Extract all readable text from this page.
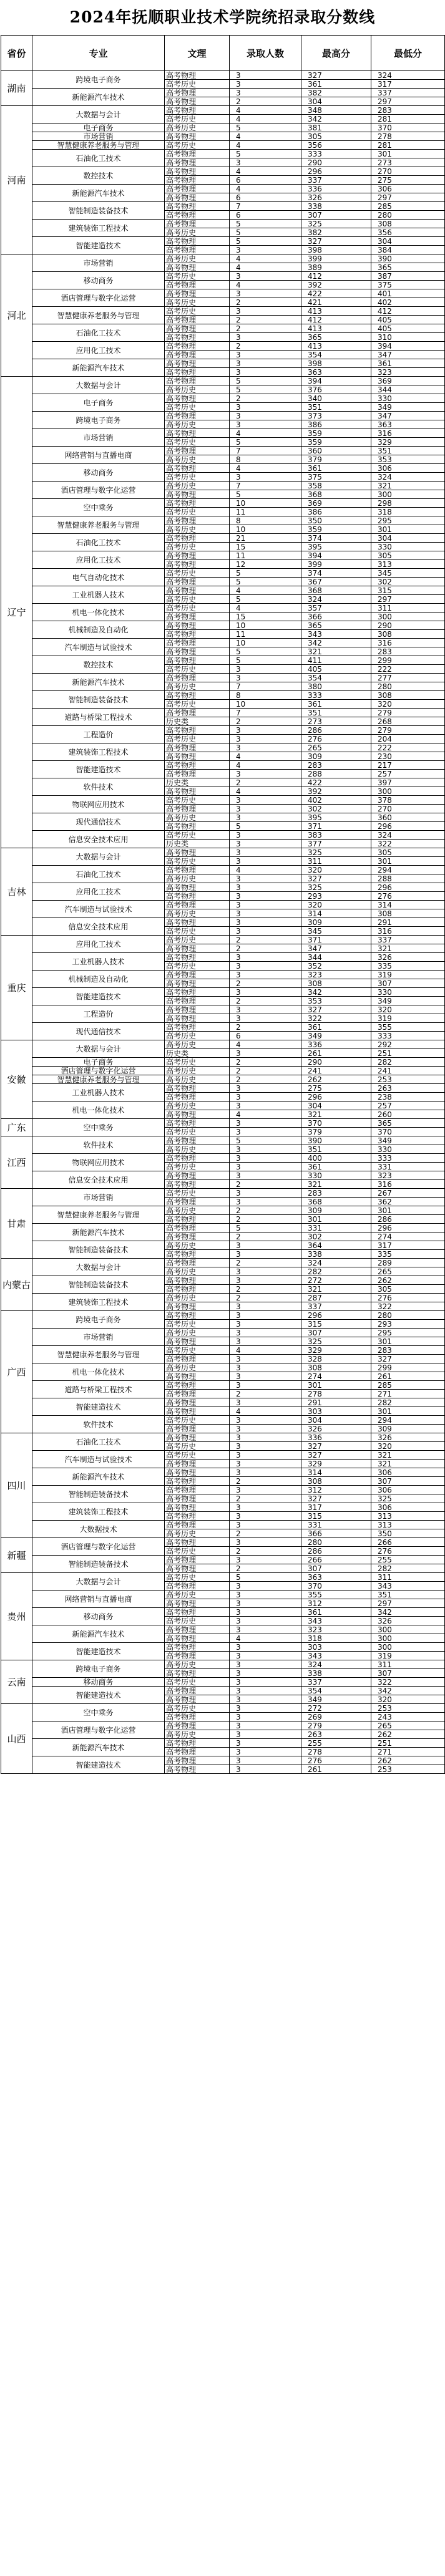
2024年抚顺职业技术学院统招录取分数线
省份	专业	文理	录取人数	最高分	最低分
湖南	跨境电子商务	高考物理	3	327	324
		高考历史	3	361	317
	新能源汽车技术	高考物理	3	382	337
		高考物理	2	304	297
河南	大数据与会计	高考物理	4	348	283
		高考历史	4	342	281
	电子商务	高考历史	5	381	370
	市场营销	高考物理	4	305	278
	智慧健康养老服务与管理	高考历史	4	356	281
	石油化工技术	高考物理	5	333	301
		高考物理	3	290	273
	数控技术	高考物理	4	296	270
		高考物理	6	337	275
	新能源汽车技术	高考物理	4	336	306
		高考物理	6	326	297
	智能制造装备技术	高考物理	7	338	285
		高考物理	6	307	280
	建筑装饰工程技术	高考物理	5	325	308
		高考历史	5	382	356
	智能建造技术	高考物理	5	327	304
		高考物理	3	398	384
河北	市场营销	高考历史	4	399	390
		高考物理	4	389	365
	移动商务	高考历史	3	412	387
		高考物理	4	392	375
	酒店管理与数字化运营	高考物理	3	422	401
		高考历史	2	421	402
	智慧健康养老服务与管理	高考历史	3	413	412
		高考物理	2	412	405
	石油化工技术	高考物理	2	413	405
		高考物理	3	365	310
	应用化工技术	高考物理	2	413	394
		高考物理	3	354	347
	新能源汽车技术	高考物理	3	398	361
		高考物理	3	363	323
辽宁	大数据与会计	高考物理	5	394	369
		高考历史	5	376	344
	电子商务	高考物理	2	340	330
		高考历史	3	351	349
	跨境电子商务	高考物理	3	373	347
		高考历史	3	386	363
	市场营销	高考物理	4	359	316
		高考历史	5	359	329
	网络营销与直播电商	高考物理	7	360	351
		高考历史	8	379	353
	移动商务	高考物理	4	361	306
		高考历史	3	375	324
	酒店管理与数字化运营	高考历史	7	358	321
		高考物理	5	368	300
	空中乘务	高考物理	10	369	298
		高考历史	11	386	318
	智慧健康养老服务与管理	高考物理	8	350	295
		高考历史	10	359	301
	石油化工技术	高考物理	21	374	304
		高考历史	15	395	330
	应用化工技术	高考物理	11	394	305
		高考物理	12	399	313
	电气自动化技术	高考历史	5	374	345
		高考物理	5	367	302
	工业机器人技术	高考物理	4	368	315
		高考历史	5	324	297
	机电一体化技术	高考历史	4	357	311
		高考物理	15	366	300
	机械制造及自动化	高考物理	10	365	290
		高考物理	11	343	308
	汽车制造与试验技术	高考物理	10	342	316
		高考物理	5	321	283
	数控技术	高考物理	5	411	299
		高考历史	3	405	222
	新能源汽车技术	高考物理	3	354	277
		高考历史	7	380	280
	智能制造装备技术	高考物理	8	333	308
		高考历史	10	361	320
	道路与桥梁工程技术	高考物理	7	351	279
		历史类	2	273	268
	工程造价	高考物理	3	286	279
		高考历史	3	276	204
	建筑装饰工程技术	高考物理	3	265	222
		高考物理	4	309	230
	智能建造技术	高考物理	4	283	217
		高考物理	3	288	257
	软件技术	历史类	2	422	397
		高考物理	4	392	300
	物联网应用技术	高考历史	3	402	378
		高考物理	3	302	270
	现代通信技术	高考历史	3	395	360
		高考物理	5	371	296
	信息安全技术应用	高考历史	3	383	324
		历史类	3	377	322
吉林	大数据与会计	高考物理	3	325	305
		高考历史	3	311	301
	石油化工技术	高考物理	4	320	294
		高考历史	3	327	288
	应用化工技术	高考物理	3	325	296
		高考物理	3	293	276
	汽车制造与试验技术	高考物理	3	320	314
		高考历史	3	314	308
	信息安全技术应用	高考物理	3	309	291
		高考历史	3	345	316
重庆	应用化工技术	高考历史	2	371	337
		高考物理	2	347	321
	工业机器人技术	高考物理	3	344	326
		高考历史	3	352	335
	机械制造及自动化	高考物理	3	323	319
		高考物理	2	308	307
	智能建造技术	高考物理	3	342	330
		高考物理	2	353	349
	工程造价	高考物理	3	327	320
		高考物理	3	322	319
	现代通信技术	高考物理	2	361	355
		高考历史	6	349	333
安徽	大数据与会计	高考历史	4	336	292
		历史类	3	261	251
	电子商务	高考历史	2	290	282
	酒店管理与数字化运营	高考历史	2	241	241
	智慧健康养老服务与管理	高考历史	2	262	253
	工业机器人技术	高考物理	3	275	263
		高考物理	3	296	238
	机电一体化技术	高考历史	3	304	257
		高考物理	4	321	260
广东	空中乘务	高考物理	3	370	365
		高考历史	3	379	370
江西	软件技术	高考物理	5	390	349
		高考历史	3	351	330
	物联网应用技术	高考物理	3	400	333
		高考历史	3	361	331
	信息安全技术应用	高考物理	3	330	323
		高考物理	2	321	316
甘肃	市场营销	高考历史	3	283	267
		高考物理	3	368	362
	智慧健康养老服务与管理	高考历史	2	309	301
		高考物理	2	301	286
	新能源汽车技术	高考物理	5	331	296
		高考物理	2	302	274
	智能制造装备技术	高考历史	3	364	317
		高考物理	3	338	335
内蒙古	大数据与会计	高考物理	2	324	289
		高考历史	3	282	265
	智能制造装备技术	高考物理	3	272	262
		高考物理	2	321	305
	建筑装饰工程技术	高考历史	2	287	276
		高考物理	3	337	322
广西	跨境电子商务	高考物理	3	296	280
		高考历史	3	315	293
	市场营销	高考历史	3	307	295
		高考物理	3	325	301
	智慧健康养老服务与管理	高考历史	4	329	283
		高考物理	3	328	327
	机电一体化技术	高考历史	3	308	299
		高考物理	3	274	261
	道路与桥梁工程技术	高考物理	3	301	285
		高考物理	2	278	271
	智能建造技术	高考物理	3	291	282
		高考物理	4	303	301
	软件技术	高考历史	3	304	294
		高考物理	3	326	309
四川	石油化工技术	高考物理	3	336	326
		高考历史	3	327	320
	汽车制造与试验技术	高考历史	3	327	321
		高考物理	3	329	321
	新能源汽车技术	高考物理	3	314	306
		高考物理	2	308	307
	智能制造装备技术	高考物理	3	312	306
		高考物理	2	327	325
	建筑装饰工程技术	高考物理	3	317	306
		高考物理	3	315	313
	大数据技术	高考物理	3	331	313
		高考历史	2	366	350
新疆	酒店管理与数字化运营	高考物理	3	280	266
		高考历史	2	286	276
	智能制造装备技术	高考物理	3	266	255
		高考物理	2	307	282
贵州	大数据与会计	高考历史	5	363	311
		高考物理	3	370	343
	网络营销与直播电商	高考历史	3	355	351
		高考物理	3	312	297
	移动商务	高考物理	3	361	342
		高考历史	3	343	326
	新能源汽车技术	高考物理	3	323	300
		高考物理	4	318	300
	智能建造技术	高考物理	3	303	300
		高考物理	3	343	319
云南	跨境电子商务	高考历史	3	324	311
		高考物理	3	338	307
	移动商务	高考历史	3	337	322
	智能建造技术	高考物理	3	354	342
		高考物理	3	349	320
山西	空中乘务	高考历史	3	272	253
		高考物理	3	269	243
	酒店管理与数字化运营	高考物理	3	279	265
		高考历史	3	263	262
	新能源汽车技术	高考物理	3	255	251
		高考物理	3	278	271
	智能建造技术	高考物理	3	276	262
		高考物理	3	261	253
